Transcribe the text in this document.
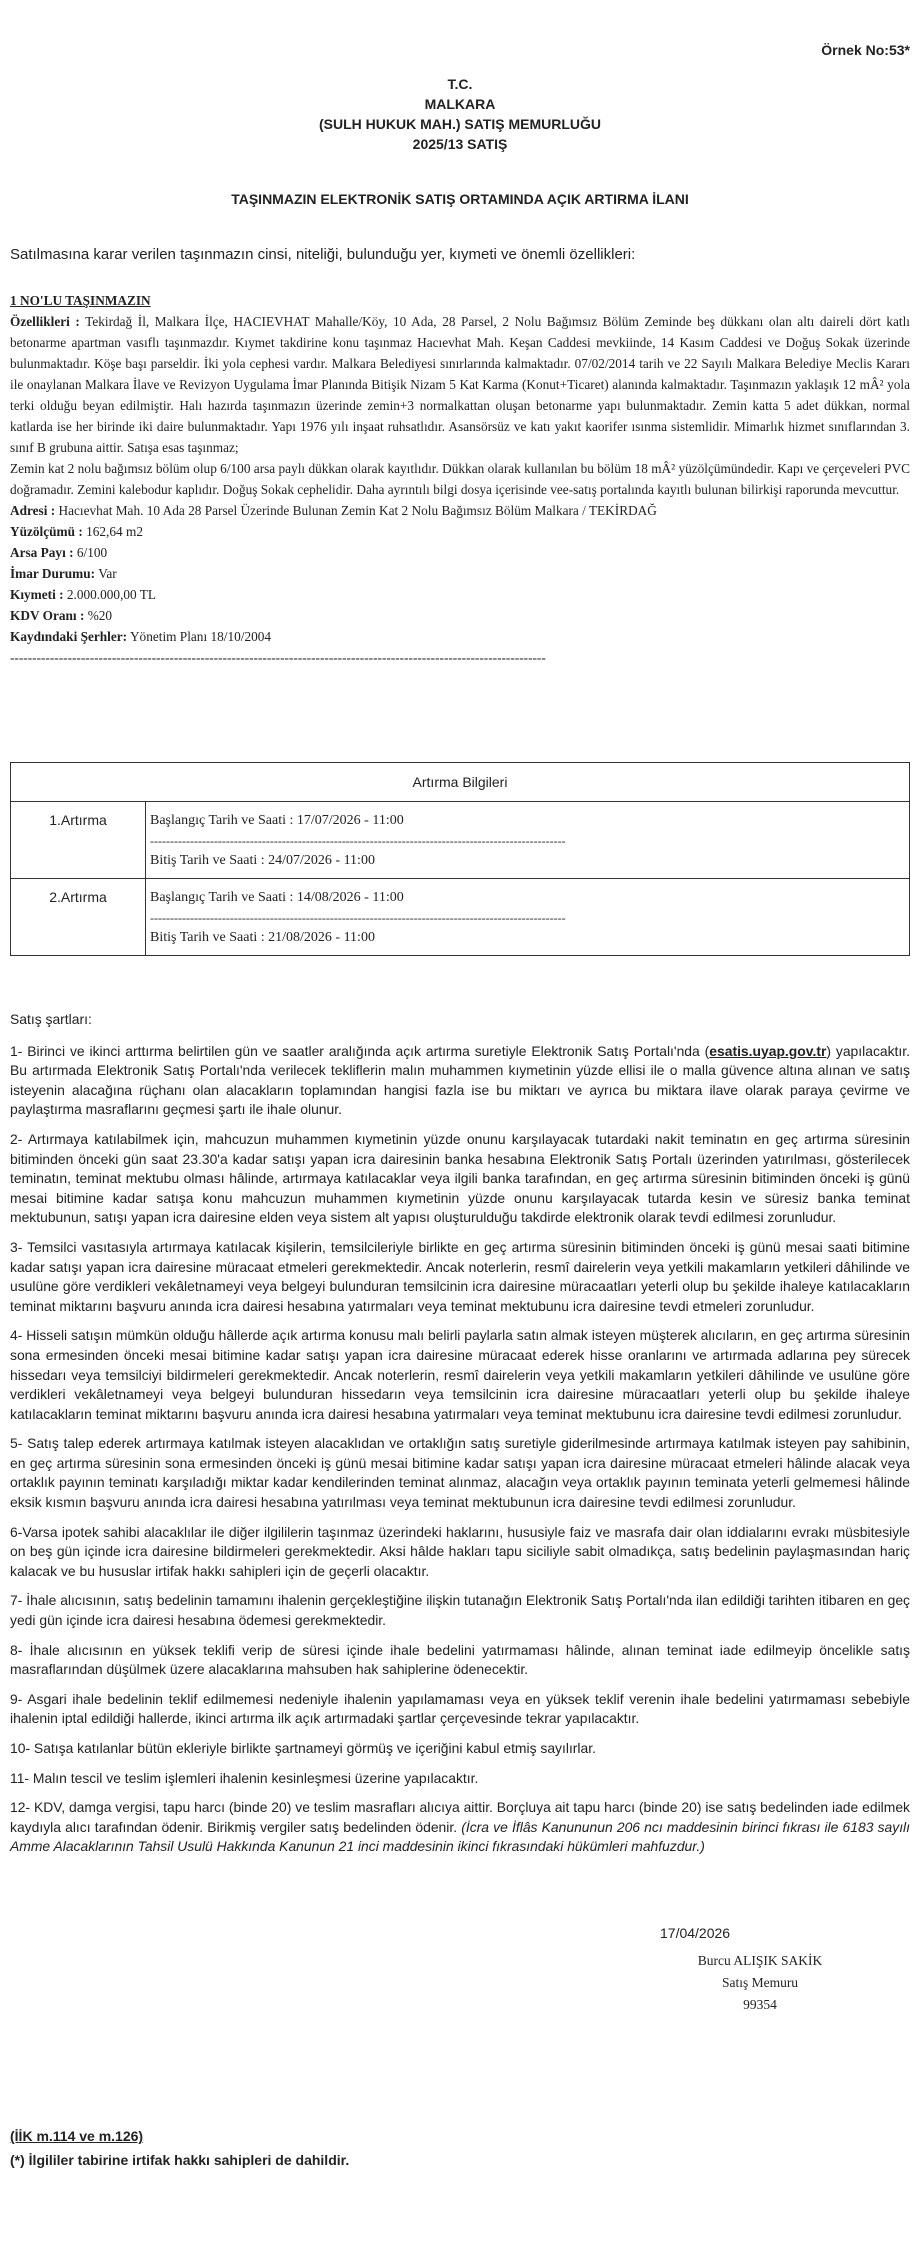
Örnek No:53*
T.C.
MALKARA
(SULH HUKUK MAH.) SATIŞ MEMURLUĞU
2025/13 SATIŞ
TAŞINMAZIN ELEKTRONİK SATIŞ ORTAMINDA AÇIK ARTIRMA İLANI
Satılmasına karar verilen taşınmazın cinsi, niteliği, bulunduğu yer, kıymeti ve önemli özellikleri:
1 NO'LU TAŞINMAZIN

Özellikleri : Tekirdağ İl, Malkara İlçe, HACIEVHAT Mahalle/Köy, 10 Ada, 28 Parsel, 2 Nolu Bağımsız Bölüm Zeminde beş dükkanı olan altı daireli dört katlı betonarme apartman vasıflı taşınmazdır. Kıymet takdirine konu taşınmaz Hacıevhat Mah. Keşan Caddesi mevkiinde, 14 Kasım Caddesi ve Doğuş Sokak üzerinde bulunmaktadır. Köşe başı parseldir. İki yola cephesi vardır. Malkara Belediyesi sınırlarında kalmaktadır. 07/02/2014 tarih ve 22 Sayılı Malkara Belediye Meclis Kararı ile onaylanan Malkara İlave ve Revizyon Uygulama İmar Planında Bitişik Nizam 5 Kat Karma (Konut+Ticaret) alanında kalmaktadır. Taşınmazın yaklaşık 12 mÂ² yola terki olduğu beyan edilmiştir. Halı hazırda taşınmazın üzerinde zemin+3 normalkattan oluşan betonarme yapı bulunmaktadır. Zemin katta 5 adet dükkan, normal katlarda ise her birinde iki daire bulunmaktadır. Yapı 1976 yılı inşaat ruhsatlıdır. Asansörsüz ve katı yakıt kaorifer ısınma sistemlidir. Mimarlık hizmet sınıflarından 3. sınıf B grubuna aittir. Satışa esas taşınmaz;

Zemin kat 2 nolu bağımsız bölüm olup 6/100 arsa paylı dükkan olarak kayıtlıdır. Dükkan olarak kullanılan bu bölüm 18 mÂ² yüzölçümündedir. Kapı ve çerçeveleri PVC doğramadır. Zemini kalebodur kaplıdır. Doğuş Sokak cephelidir. Daha ayrıntılı bilgi dosya içerisinde vee-satış portalında kayıtlı bulunan bilirkişi raporunda mevcuttur.

Adresi : Hacıevhat Mah. 10 Ada 28 Parsel Üzerinde Bulunan Zemin Kat 2 Nolu Bağımsız Bölüm Malkara / TEKİRDAĞ
Yüzölçümü : 162,64 m2
Arsa Payı : 6/100
İmar Durumu: Var
Kıymeti : 2.000.000,00 TL
KDV Oranı : %20
Kaydındaki Şerhler: Yönetim Planı 18/10/2004
-------------------------------------------------------------------------------------------------------------------------
Artırma Bilgileri	
1.Artırma	Başlangıç Tarih ve Saati : 17/07/2026 - 11:00
--------------------------------------------------------------------------------------------------------
Bitiş Tarih ve Saati : 24/07/2026 - 11:00

2.Artırma	Başlangıç Tarih ve Saati : 14/08/2026 - 11:00
--------------------------------------------------------------------------------------------------------
Bitiş Tarih ve Saati : 21/08/2026 - 11:00
Satış şartları:

1- Birinci ve ikinci arttırma belirtilen gün ve saatler aralığında açık artırma suretiyle Elektronik Satış Portalı'nda (esatis.uyap.gov.tr) yapılacaktır. Bu artırmada Elektronik Satış Portalı'nda verilecek tekliflerin malın muhammen kıymetinin yüzde ellisi ile o malla güvence altına alınan ve satış isteyenin alacağına rüçhanı olan alacakların toplamından hangisi fazla ise bu miktarı ve ayrıca bu miktara ilave olarak paraya çevirme ve paylaştırma masraflarını geçmesi şartı ile ihale olunur.

2- Artırmaya katılabilmek için, mahcuzun muhammen kıymetinin yüzde onunu karşılayacak tutardaki nakit teminatın en geç artırma süresinin bitiminden önceki gün saat 23.30'a kadar satışı yapan icra dairesinin banka hesabına Elektronik Satış Portalı üzerinden yatırılması, gösterilecek teminatın, teminat mektubu olması hâlinde, artırmaya katılacaklar veya ilgili banka tarafından, en geç artırma süresinin bitiminden önceki iş günü mesai bitimine kadar satışa konu mahcuzun muhammen kıymetinin yüzde onunu karşılayacak tutarda kesin ve süresiz banka teminat mektubunun, satışı yapan icra dairesine elden veya sistem alt yapısı oluşturulduğu takdirde elektronik olarak tevdi edilmesi zorunludur.

3- Temsilci vasıtasıyla artırmaya katılacak kişilerin, temsilcileriyle birlikte en geç artırma süresinin bitiminden önceki iş günü mesai saati bitimine kadar satışı yapan icra dairesine müracaat etmeleri gerekmektedir. Ancak noterlerin, resmî dairelerin veya yetkili makamların yetkileri dâhilinde ve usulüne göre verdikleri vekâletnameyi veya belgeyi bulunduran temsilcinin icra dairesine müracaatları yeterli olup bu şekilde ihaleye katılacakların teminat miktarını başvuru anında icra dairesi hesabına yatırmaları veya teminat mektubunu icra dairesine tevdi etmeleri zorunludur.

4- Hisseli satışın mümkün olduğu hâllerde açık artırma konusu malı belirli paylarla satın almak isteyen müşterek alıcıların, en geç artırma süresinin sona ermesinden önceki mesai bitimine kadar satışı yapan icra dairesine müracaat ederek hisse oranlarını ve artırmada adlarına pey sürecek hissedarı veya temsilciyi bildirmeleri gerekmektedir. Ancak noterlerin, resmî dairelerin veya yetkili makamların yetkileri dâhilinde ve usulüne göre verdikleri vekâletnameyi veya belgeyi bulunduran hissedarın veya temsilcinin icra dairesine müracaatları yeterli olup bu şekilde ihaleye katılacakların teminat miktarını başvuru anında icra dairesi hesabına yatırmaları veya teminat mektubunu icra dairesine tevdi edilmesi zorunludur.

5- Satış talep ederek artırmaya katılmak isteyen alacaklıdan ve ortaklığın satış suretiyle giderilmesinde artırmaya katılmak isteyen pay sahibinin, en geç artırma süresinin sona ermesinden önceki iş günü mesai bitimine kadar satışı yapan icra dairesine müracaat etmeleri hâlinde alacak veya ortaklık payının teminatı karşıladığı miktar kadar kendilerinden teminat alınmaz, alacağın veya ortaklık payının teminata yeterli gelmemesi hâlinde eksik kısmın başvuru anında icra dairesi hesabına yatırılması veya teminat mektubunun icra dairesine tevdi edilmesi zorunludur.

6-Varsa ipotek sahibi alacaklılar ile diğer ilgililerin taşınmaz üzerindeki haklarını, hususiyle faiz ve masrafa dair olan iddialarını evrakı müsbitesiyle on beş gün içinde icra dairesine bildirmeleri gerekmektedir. Aksi hâlde hakları tapu siciliyle sabit olmadıkça, satış bedelinin paylaşmasından hariç kalacak ve bu hususlar irtifak hakkı sahipleri için de geçerli olacaktır.

7- İhale alıcısının, satış bedelinin tamamını ihalenin gerçekleştiğine ilişkin tutanağın Elektronik Satış Portalı'nda ilan edildiği tarihten itibaren en geç yedi gün içinde icra dairesi hesabına ödemesi gerekmektedir.

8- İhale alıcısının en yüksek teklifi verip de süresi içinde ihale bedelini yatırmaması hâlinde, alınan teminat iade edilmeyip öncelikle satış masraflarından düşülmek üzere alacaklarına mahsuben hak sahiplerine ödenecektir.

9- Asgari ihale bedelinin teklif edilmemesi nedeniyle ihalenin yapılamaması veya en yüksek teklif verenin ihale bedelini yatırmaması sebebiyle ihalenin iptal edildiği hallerde, ikinci artırma ilk açık artırmadaki şartlar çerçevesinde tekrar yapılacaktır.

10- Satışa katılanlar bütün ekleriyle birlikte şartnameyi görmüş ve içeriğini kabul etmiş sayılırlar.

11- Malın tescil ve teslim işlemleri ihalenin kesinleşmesi üzerine yapılacaktır.

12- KDV, damga vergisi, tapu harcı (binde 20) ve teslim masrafları alıcıya aittir. Borçluya ait tapu harcı (binde 20) ise satış bedelinden iade edilmek kaydıyla alıcı tarafından ödenir. Birikmiş vergiler satış bedelinden ödenir. (İcra ve İflâs Kanununun 206 ncı maddesinin birinci fıkrası ile 6183 sayılı Amme Alacaklarının Tahsil Usulü Hakkında Kanunun 21 inci maddesinin ikinci fıkrasındaki hükümleri mahfuzdur.)

17/04/2026
Burcu ALIŞIK SAKİK
Satış Memuru
99354
(İİK m.114 ve m.126)
(*) İlgililer tabirine irtifak hakkı sahipleri de dahildir.
